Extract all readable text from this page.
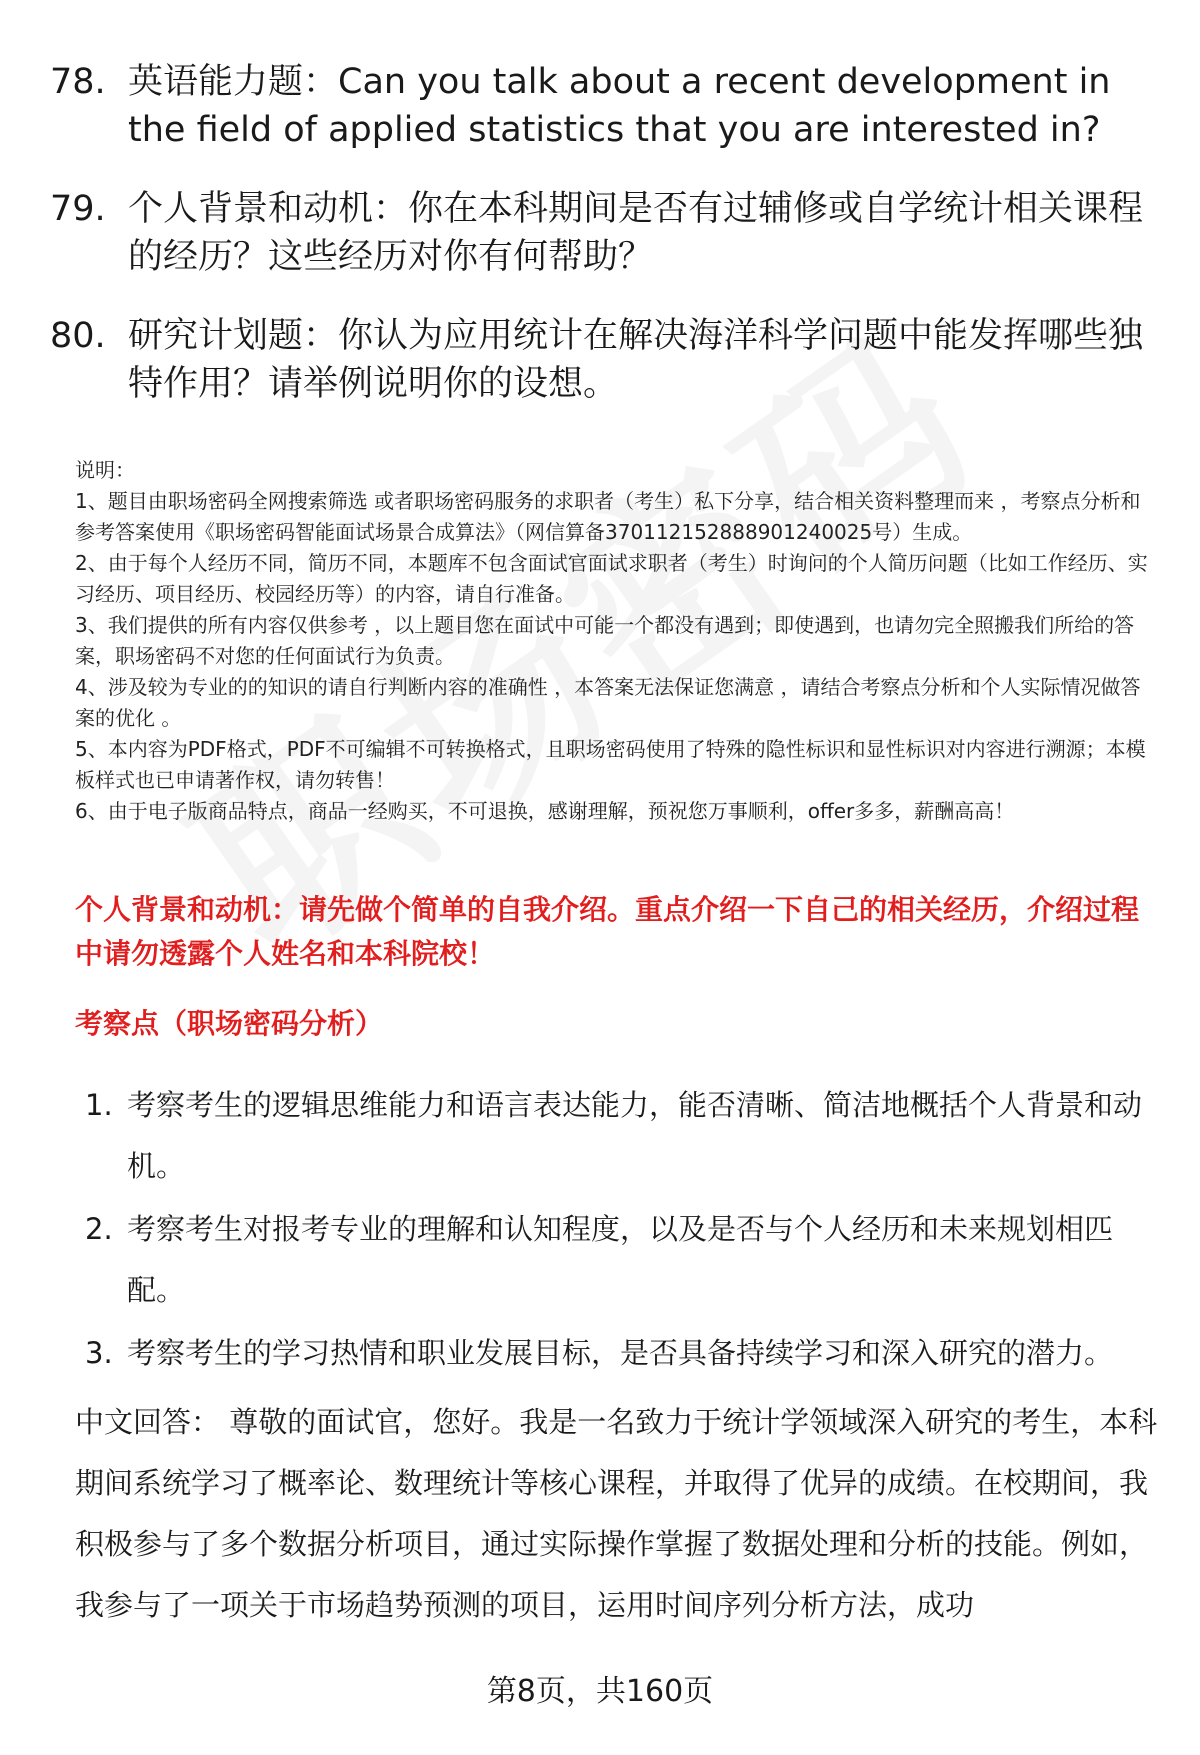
78. 英语能力题：Can you talk about a recent development in the field of applied statistics that you are interested in?
79. 个人背景和动机：你在本科期间是否有过辅修或自学统计相关课程的经历？这些经历对你有何帮助？
80. 研究计划题：你认为应用统计在解决海洋科学问题中能发挥哪些独特作用？请举例说明你的设想。
说明：
1、题目由职场密码全网搜索筛选 或者职场密码服务的求职者（考生）私下分享，结合相关资料整理而来 ，考察点分析和参考答案使用《职场密码智能面试场景合成算法》（网信算备370112152888901240025号）生成。
2、由于每个人经历不同，简历不同，本题库不包含面试官面试求职者（考生）时询问的个人简历问题（比如工作经历、实习经历、项目经历、校园经历等）的内容，请自行准备。
3、我们提供的所有内容仅供参考 ，以上题目您在面试中可能一个都没有遇到；即使遇到，也请勿完全照搬我们所给的答案，职场密码不对您的任何面试行为负责。
4、涉及较为专业的的知识的请自行判断内容的准确性 ，本答案无法保证您满意 ，请结合考察点分析和个人实际情况做答案的优化 。
5、本内容为PDF格式，PDF不可编辑不可转换格式，且职场密码使用了特殊的隐性标识和显性标识对内容进行溯源；本模板样式也已申请著作权，请勿转售！
6、由于电子版商品特点，商品一经购买，不可退换，感谢理解，预祝您万事顺利，offer多多，薪酬高高！
个人背景和动机：请先做个简单的自我介绍。重点介绍一下自己的相关经历，介绍过程中请勿透露个人姓名和本科院校！
考察点（职场密码分析）
1. 考察考生的逻辑思维能力和语言表达能力，能否清晰、简洁地概括个人背景和动机。
2. 考察考生对报考专业的理解和认知程度，以及是否与个人经历和未来规划相匹配。
3. 考察考生的学习热情和职业发展目标，是否具备持续学习和深入研究的潜力。
中文回答： 尊敬的面试官，您好。我是一名致力于统计学领域深入研究的考生，本科期间系统学习了概率论、数理统计等核心课程，并取得了优异的成绩。在校期间，我积极参与了多个数据分析项目，通过实际操作掌握了数据处理和分析的技能。例如，我参与了一项关于市场趋势预测的项目，运用时间序列分析方法，成功
第8页，共160页
